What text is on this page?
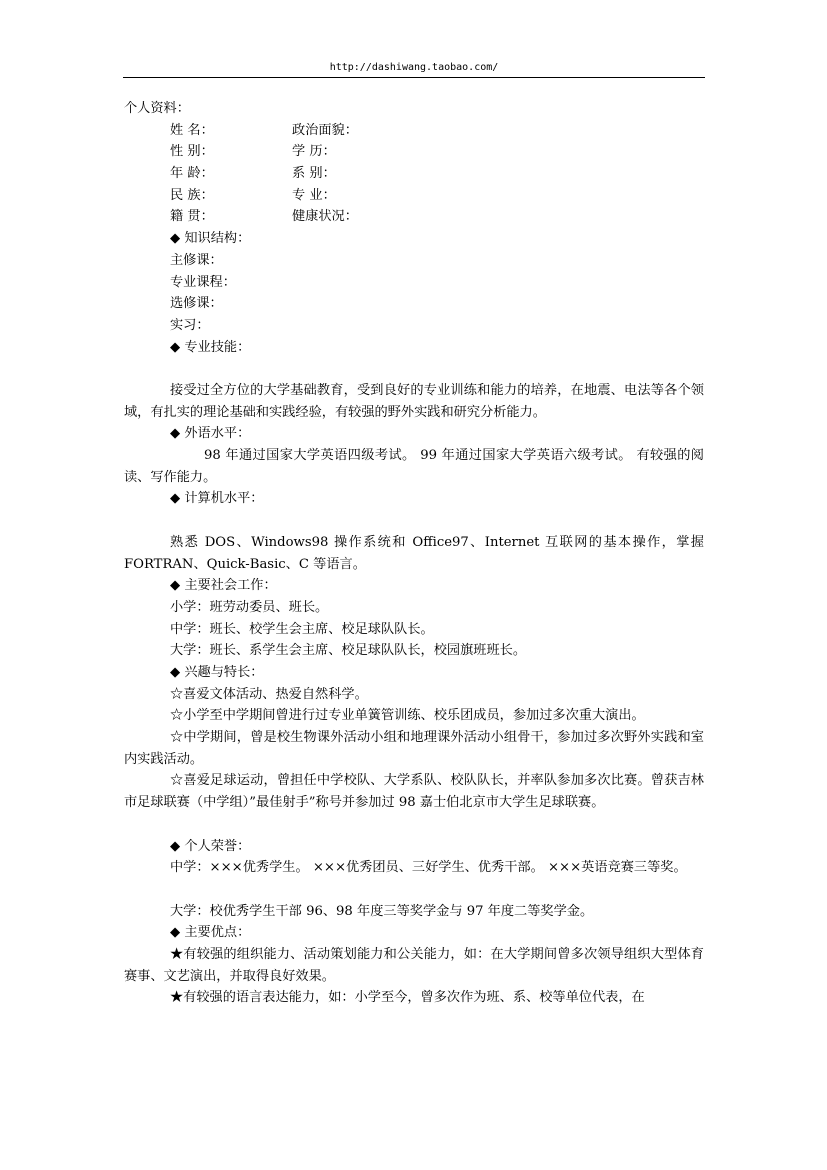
http://dashiwang.taobao.com/
个人资料：
姓 名：	政治面貌：
性 别：	学 历：
年 龄：	系 别：
民 族：	专 业：
籍 贯：	健康状况：
◆ 知识结构：
主修课：
专业课程：
选修课：
实习：
◆ 专业技能：
接受过全方位的大学基础教育，受到良好的专业训练和能力的培养，在地震、电法等各个领域，有扎实的理论基础和实践经验，有较强的野外实践和研究分析能力。
◆ 外语水平：
98 年通过国家大学英语四级考试。 99 年通过国家大学英语六级考试。 有较强的阅读、写作能力。
◆ 计算机水平：
熟悉 DOS、Windows98 操作系统和 Office97、Internet 互联网的基本操作，掌握 FORTRAN、Quick-Basic、C 等语言。
◆ 主要社会工作：
小学：班劳动委员、班长。
中学：班长、校学生会主席、校足球队队长。
大学：班长、系学生会主席、校足球队队长，校园旗班班长。
◆ 兴趣与特长：
☆喜爱文体活动、热爱自然科学。
☆小学至中学期间曾进行过专业单簧管训练、校乐团成员，参加过多次重大演出。
☆中学期间，曾是校生物课外活动小组和地理课外活动小组骨干，参加过多次野外实践和室内实践活动。
☆喜爱足球运动，曾担任中学校队、大学系队、校队队长，并率队参加多次比赛。曾获吉林市足球联赛（中学组）”最佳射手”称号并参加过 98 嘉士伯北京市大学生足球联赛。
◆ 个人荣誉：
中学：×××优秀学生。 ×××优秀团员、三好学生、优秀干部。 ×××英语竞赛三等奖。
大学：校优秀学生干部 96、98 年度三等奖学金与 97 年度二等奖学金。
◆ 主要优点：
★有较强的组织能力、活动策划能力和公关能力，如：在大学期间曾多次领导组织大型体育赛事、文艺演出，并取得良好效果。
★有较强的语言表达能力，如：小学至今，曾多次作为班、系、校等单位代表，在
